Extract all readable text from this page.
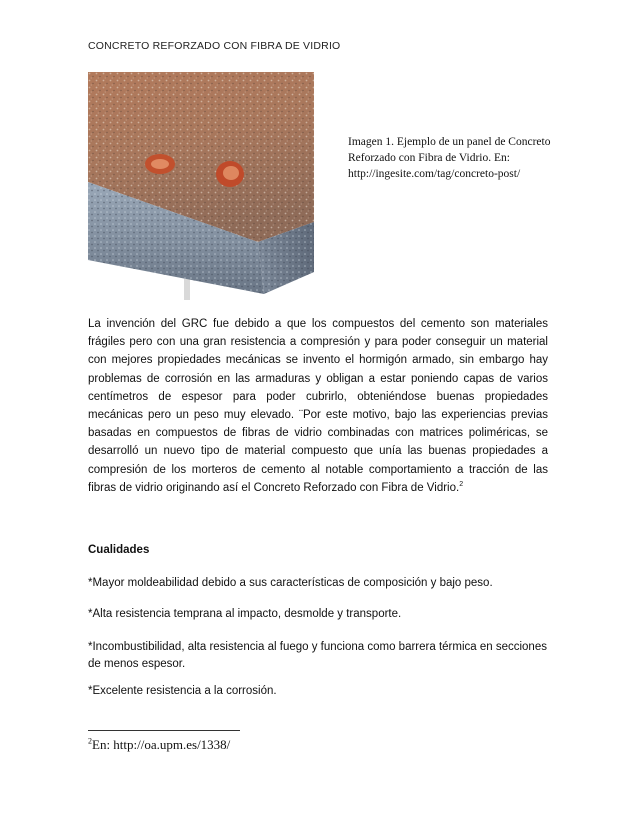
CONCRETO REFORZADO CON FIBRA DE VIDRIO
Imagen 1. Ejemplo de un panel de Concreto
Reforzado con Fibra de Vidrio. En:
http://ingesite.com/tag/concreto-post/

La invención del GRC fue debido a que los compuestos del cemento son materiales frágiles pero con una gran resistencia a compresión y para poder conseguir un material con mejores propiedades mecánicas se invento el hormigón armado, sin embargo hay problemas de corrosión en las armaduras y obligan a estar poniendo capas de varios centímetros de espesor para poder cubrirlo, obteniéndose buenas propiedades mecánicas pero un peso muy elevado. ¨Por este motivo, bajo las experiencias previas basadas en compuestos de fibras de vidrio combinadas con matrices poliméricas, se desarrolló un nuevo tipo de material compuesto que unía las buenas propiedades a compresión de los morteros de cemento al notable comportamiento a tracción de las fibras de vidrio originando así el Concreto Reforzado con Fibra de Vidrio.$^2$

Cualidades
*Mayor moldeabilidad debido a sus características de composición y bajo peso.
*Alta resistencia temprana al impacto, desmolde y transporte.
*Incombustibilidad, alta resistencia al fuego y funciona como barrera térmica en secciones de menos espesor.
*Excelente resistencia a la corrosión.
$^2$En: http://oa.upm.es/1338/
